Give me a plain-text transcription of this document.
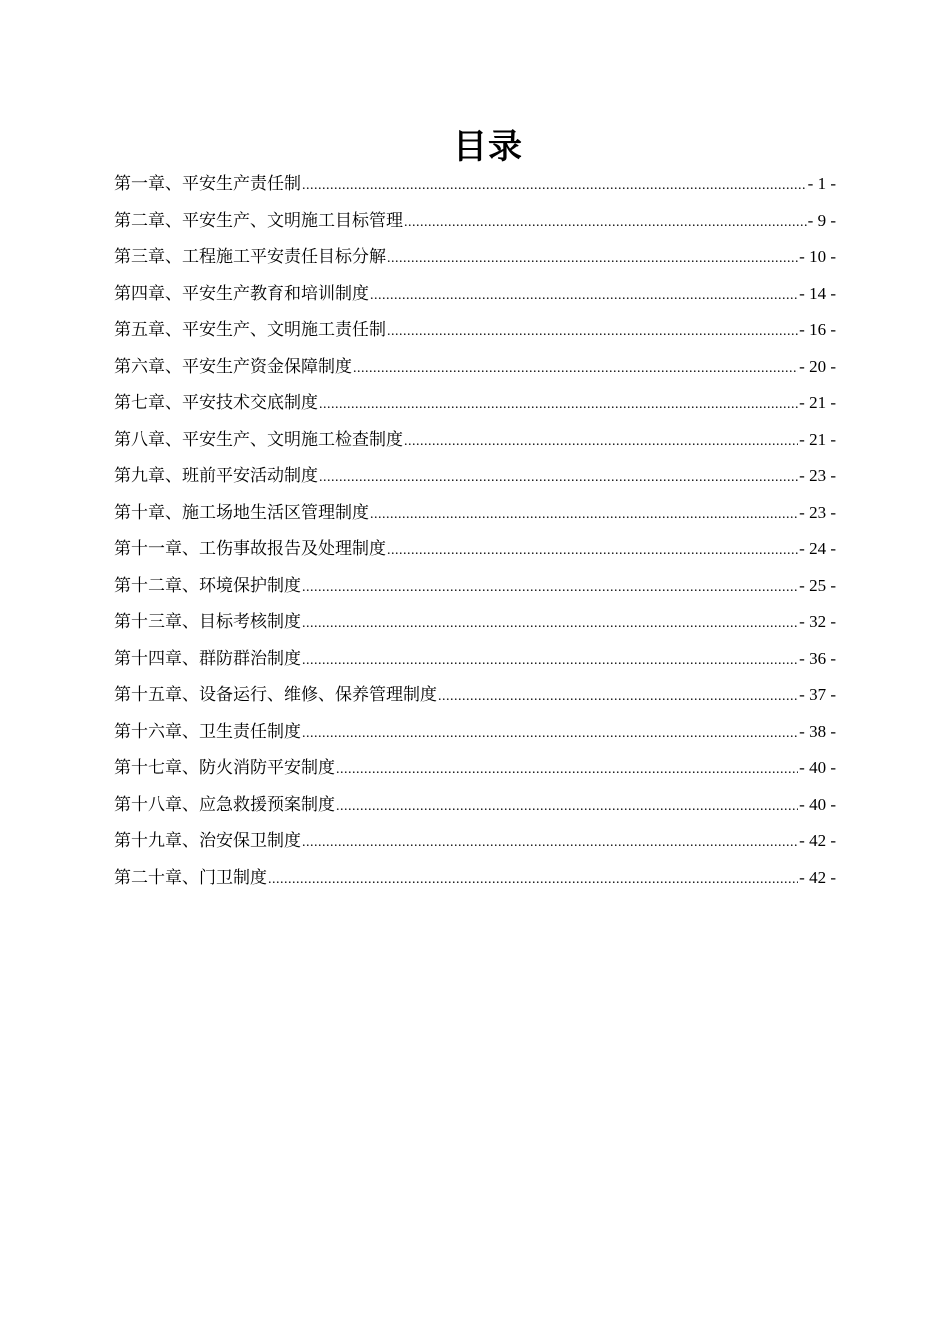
目录
第一章、平安生产责任制 .....	- 1 -
第二章、平安生产、文明施工目标管理 .....	- 9 -
第三章、工程施工平安责任目标分解 .....	- 10 -
第四章、平安生产教育和培训制度 .....	- 14 -
第五章、平安生产、文明施工责任制 .....	- 16 -
第六章、平安生产资金保障制度 .....	- 20 -
第七章、平安技术交底制度 .....	- 21 -
第八章、平安生产、文明施工检查制度 .....	- 21 -
第九章、班前平安活动制度 .....	- 23 -
第十章、施工场地生活区管理制度 .....	- 23 -
第十一章、工伤事故报告及处理制度 .....	- 24 -
第十二章、环境保护制度 .....	- 25 -
第十三章、目标考核制度 .....	- 32 -
第十四章、群防群治制度 .....	- 36 -
第十五章、设备运行、维修、保养管理制度 .....	- 37 -
第十六章、卫生责任制度 .....	- 38 -
第十七章、防火消防平安制度 .....	- 40 -
第十八章、应急救援预案制度 .....	- 40 -
第十九章、治安保卫制度 .....	- 42 -
第二十章、门卫制度 .....	- 42 -
